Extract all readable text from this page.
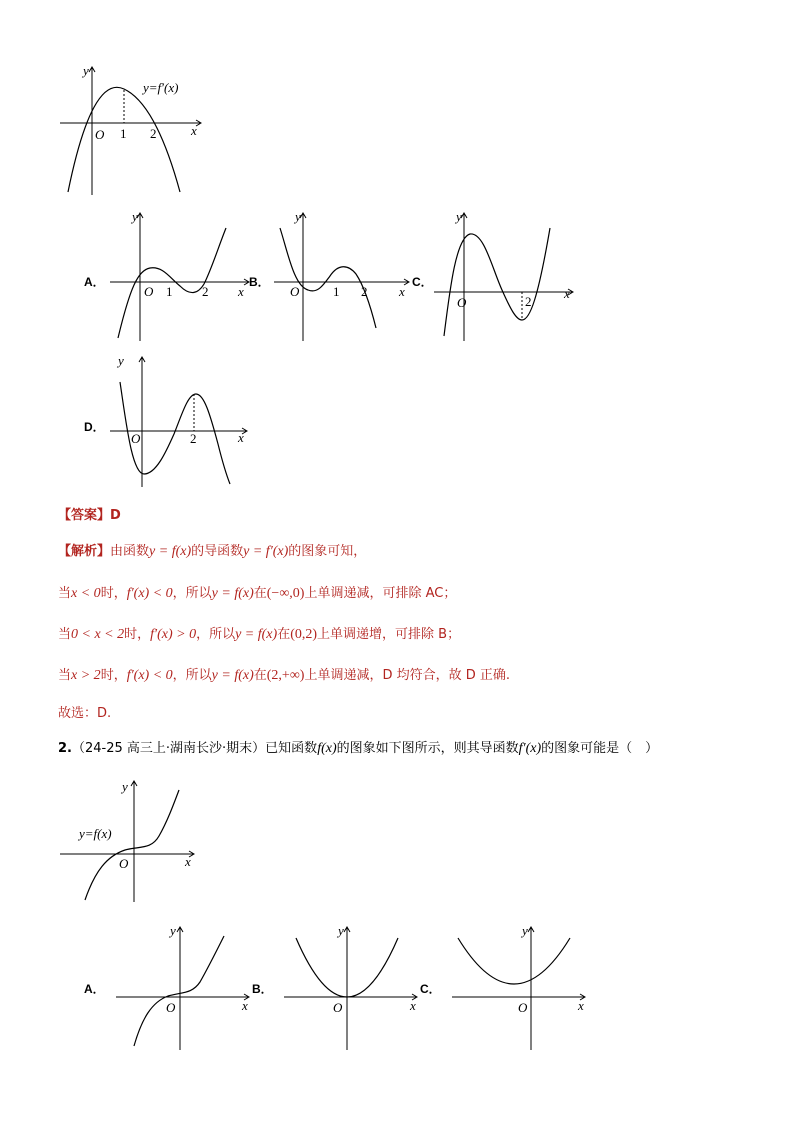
y
x
O 1 2
y=f′(x)
A．
y
x
O 1 2
B．
y
x
O	1 2
C．
y
x
O	2
D．
y
x
O	2
【答案】D
【解析】由函数y = f(x)的导函数y = f′(x)的图象可知，
当x < 0时，f′(x) < 0，所以y = f(x)在(−∞,0)上单调递减，可排除 AC；
当0 < x < 2时，f′(x) > 0，所以y = f(x)在(0,2)上单调递增，可排除 B；
当x > 2时，f′(x) < 0，所以y = f(x)在(2,+∞)上单调递减，D 均符合，故 D 正确.
故选：D.
2.（24-25 高三上·湖南长沙·期末）已知函数f(x)的图象如下图所示，则其导函数f′(x)的图象可能是（　）
y
x
O
y=f(x)
A．
y
x
O
B．
y
x
O
C．
y
x
O
